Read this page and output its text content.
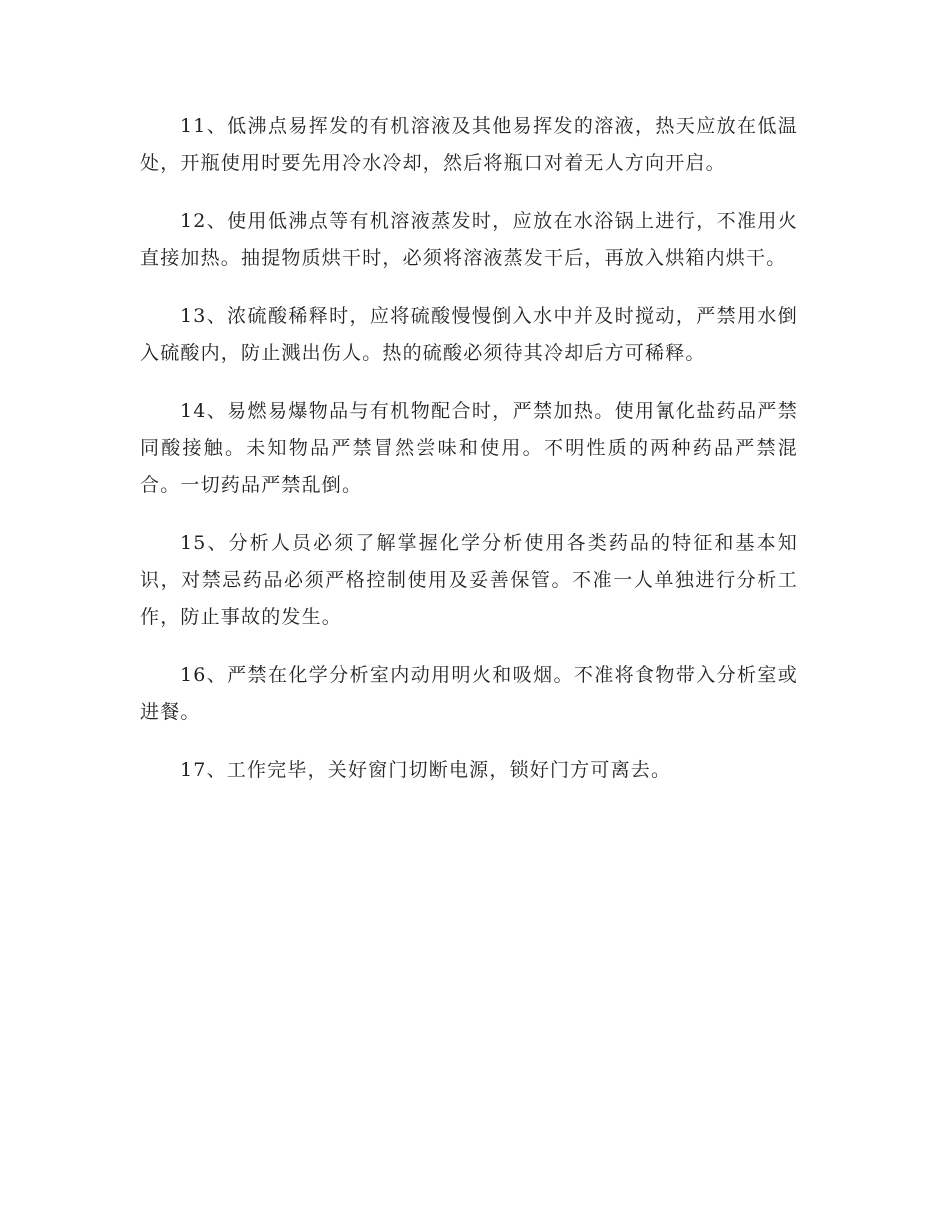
11、低沸点易挥发的有机溶液及其他易挥发的溶液，热天应放在低温处，开瓶使用时要先用冷水冷却，然后将瓶口对着无人方向开启。

12、使用低沸点等有机溶液蒸发时，应放在水浴锅上进行，不准用火直接加热。抽提物质烘干时，必须将溶液蒸发干后，再放入烘箱内烘干。

13、浓硫酸稀释时，应将硫酸慢慢倒入水中并及时搅动，严禁用水倒入硫酸内，防止溅出伤人。热的硫酸必须待其冷却后方可稀释。

14、易燃易爆物品与有机物配合时，严禁加热。使用氰化盐药品严禁同酸接触。未知物品严禁冒然尝味和使用。不明性质的两种药品严禁混合。一切药品严禁乱倒。

15、分析人员必须了解掌握化学分析使用各类药品的特征和基本知识，对禁忌药品必须严格控制使用及妥善保管。不准一人单独进行分析工作，防止事故的发生。

16、严禁在化学分析室内动用明火和吸烟。不准将食物带入分析室或进餐。

17、工作完毕，关好窗门切断电源，锁好门方可离去。
